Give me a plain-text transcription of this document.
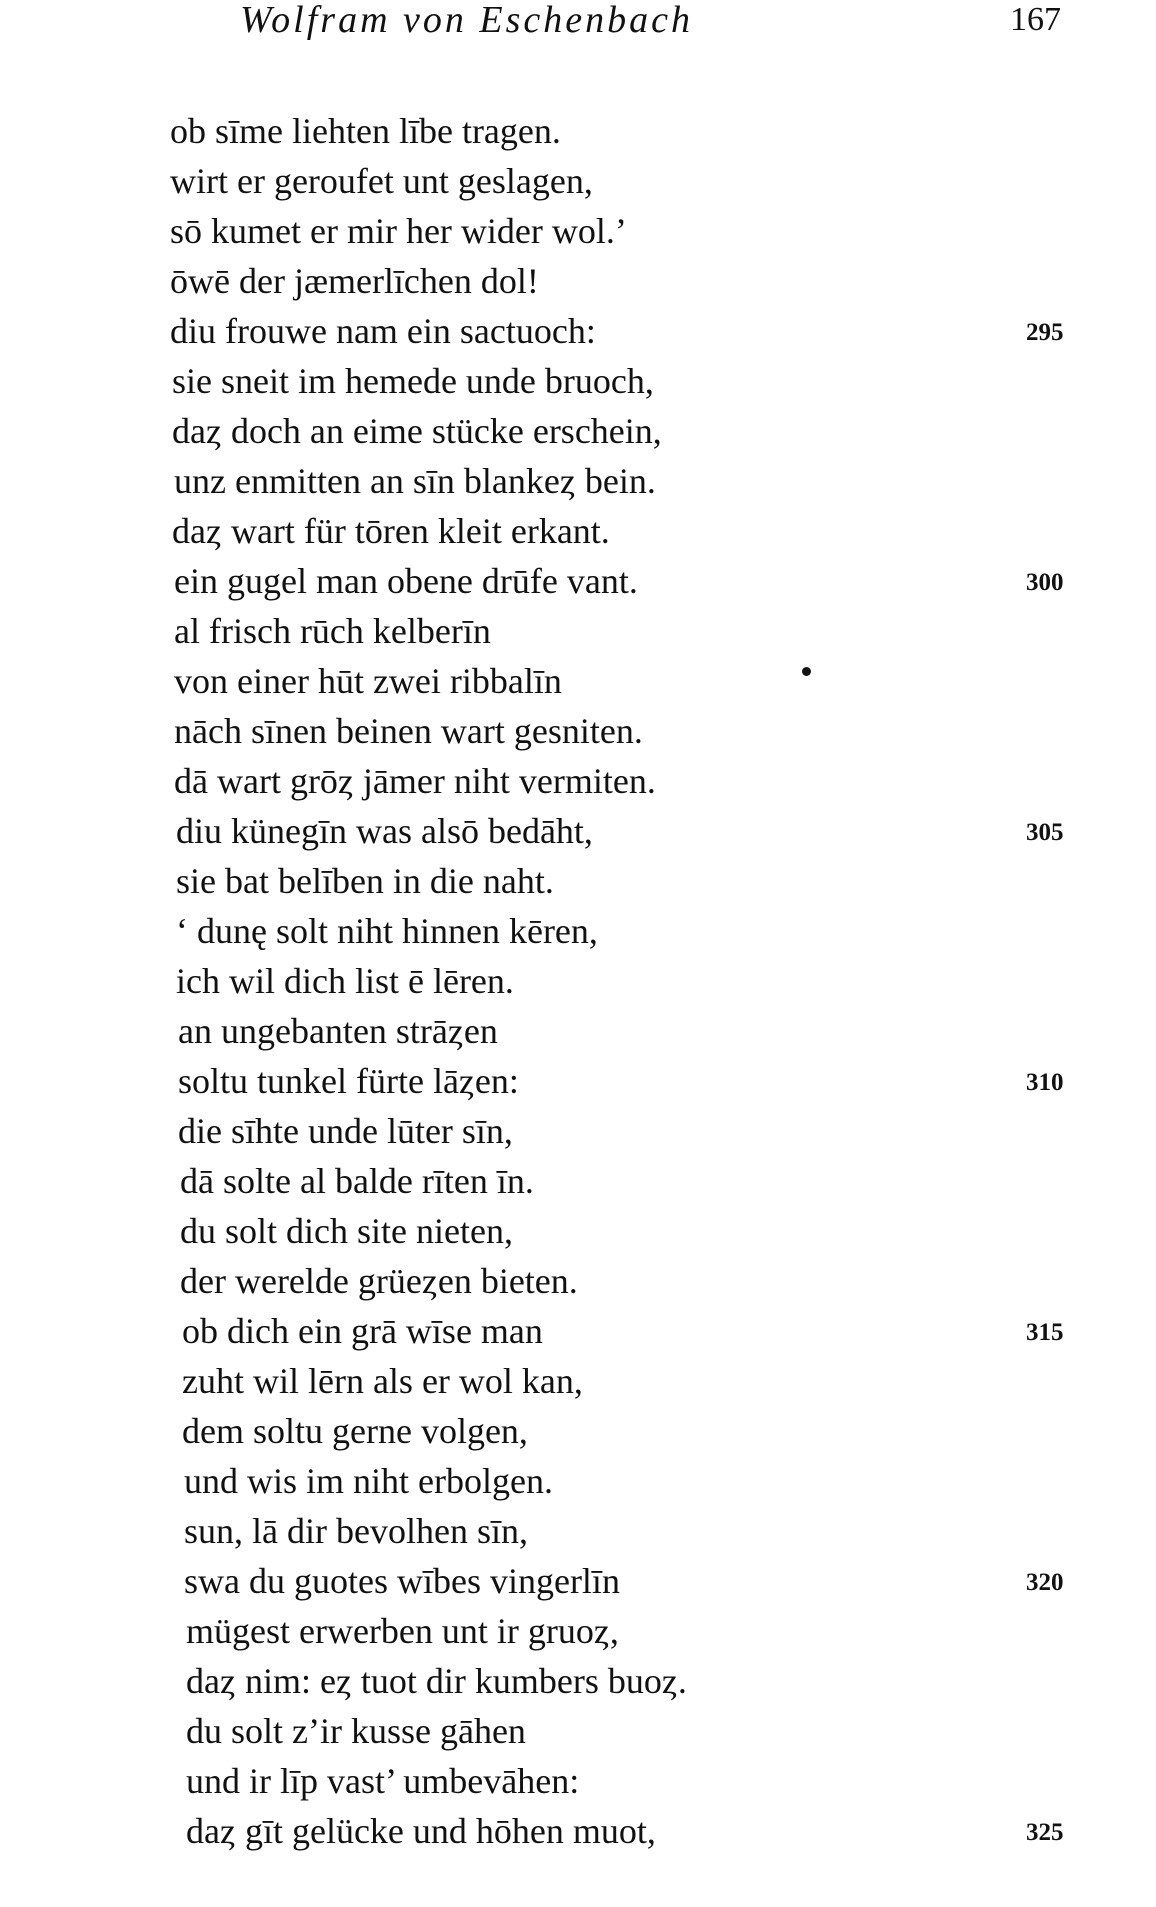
Wolfram von Eschenbach	167
ob sīme liehten lībe tragen.
wirt er geroufet unt geslagen,
sō kumet er mir her wider wol.’
ōwē der jæmerlīchen dol!
diu frouwe nam ein sactuoch:	295
sie sneit im hemede unde bruoch,
daȥ doch an eime stücke erschein,
unz enmitten an sīn blankeȥ bein.
daȥ wart für tōren kleit erkant.
ein gugel man obene drūfe vant.	300
al frisch rūch kelberīn
von einer hūt zwei ribbalīn
nāch sīnen beinen wart gesniten.
dā wart grōȥ jāmer niht vermiten.
diu künegīn was alsō bedāht,	305
sie bat belīben in die naht.
‘ dunę solt niht hinnen kēren,
ich wil dich list ē lēren.
an ungebanten strāȥen
soltu tunkel fürte lāȥen:	310
die sīhte unde lūter sīn,
dā solte al balde rīten īn.
du solt dich site nieten,
der werelde grüeȥen bieten.
ob dich ein grā wīse man	315
zuht wil lērn als er wol kan,
dem soltu gerne volgen,
und wis im niht erbolgen.
sun, lā dir bevolhen sīn,
swa du guotes wībes vingerlīn	320
mügest erwerben unt ir gruoȥ,
daȥ nim: eȥ tuot dir kumbers buoȥ.
du solt z’ir kusse gāhen
und ir līp vast’ umbevāhen:
daȥ gīt gelücke und hōhen muot,	325
